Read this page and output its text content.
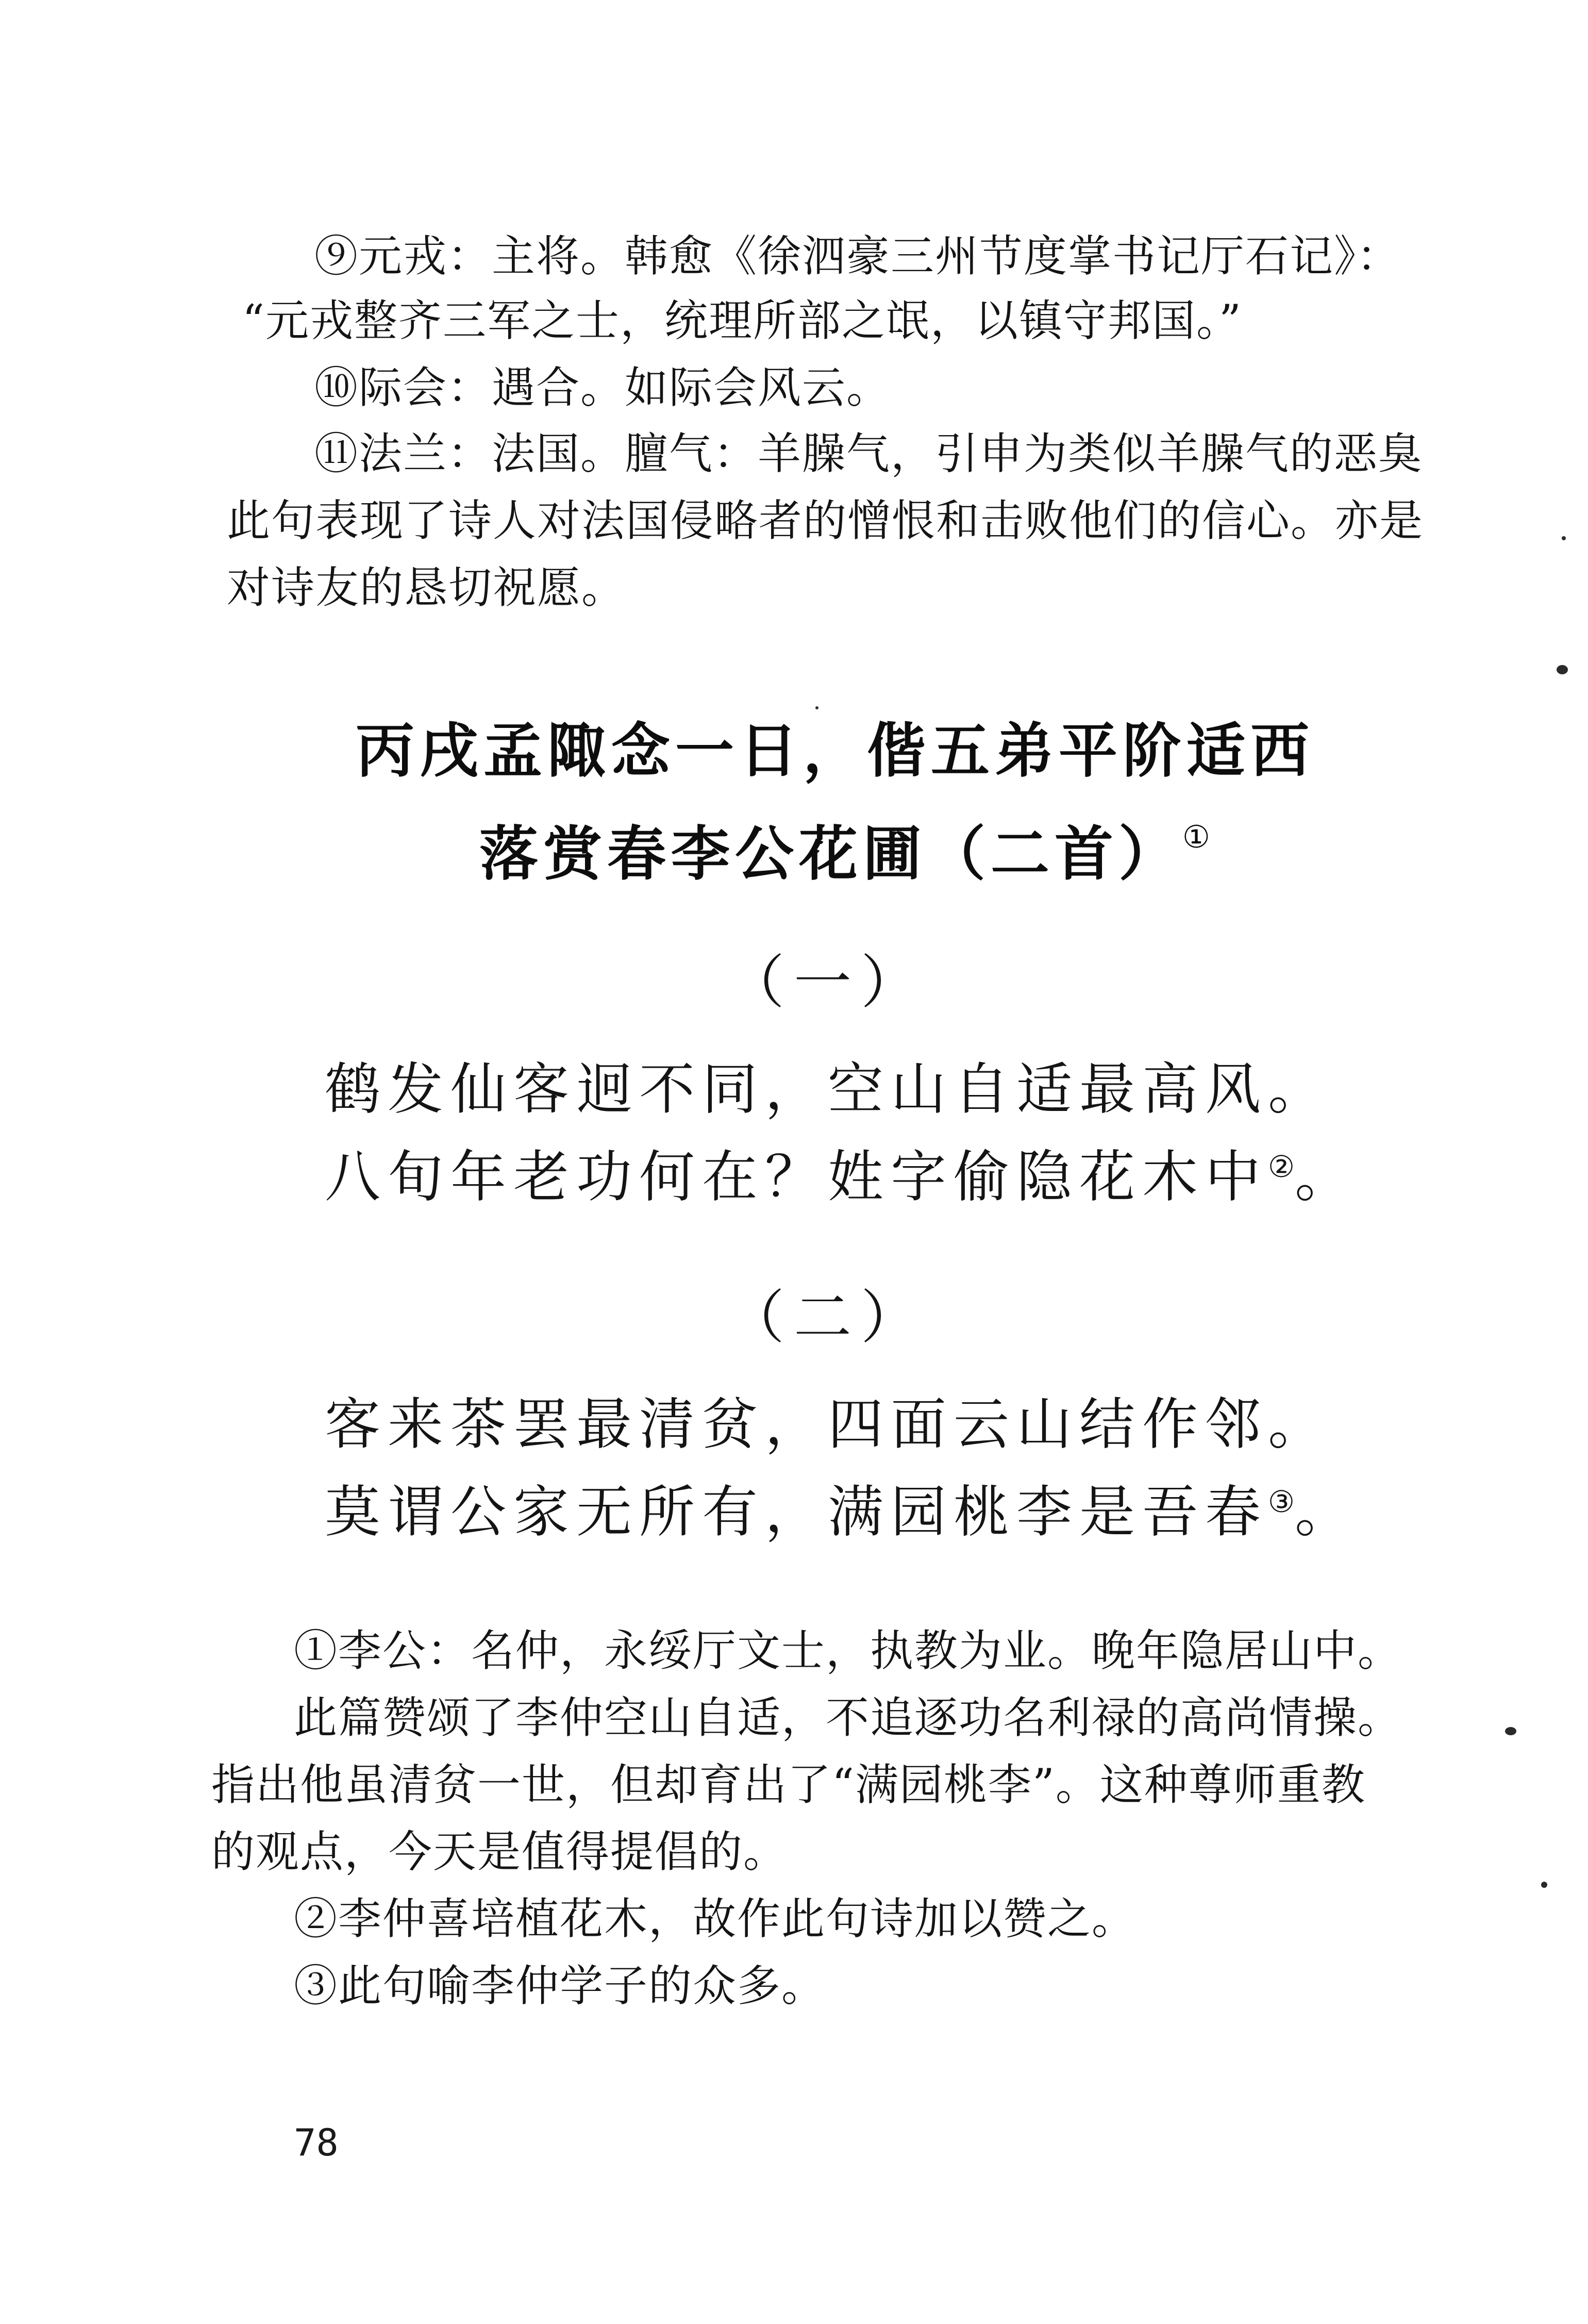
⑨元戎：主将。韩愈《徐泗豪三州节度掌书记厅石记》：
“元戎整齐三军之士，统理所部之氓，以镇守邦国。”
⑩际会：遇合。如际会风云。
⑪法兰：法国。膻气：羊臊气，引申为类似羊臊气的恶臭
此句表现了诗人对法国侵略者的憎恨和击败他们的信心。亦是
对诗友的恳切祝愿。
丙戌孟陬念一日，偕五弟平阶适西
落赏春李公花圃（二首）①
（一）
鹤发仙客迥不同，空山自适最高风。
八旬年老功何在？姓字偷隐花木中②。
（二）
客来茶罢最清贫，四面云山结作邻。
莫谓公家无所有，满园桃李是吾春③。
①李公：名仲，永绥厅文士，执教为业。晚年隐居山中。
此篇赞颂了李仲空山自适，不追逐功名利禄的高尚情操。
指出他虽清贫一世，但却育出了“满园桃李”。这种尊师重教
的观点，今天是值得提倡的。
②李仲喜培植花木，故作此句诗加以赞之。
③此句喻李仲学子的众多。
78
